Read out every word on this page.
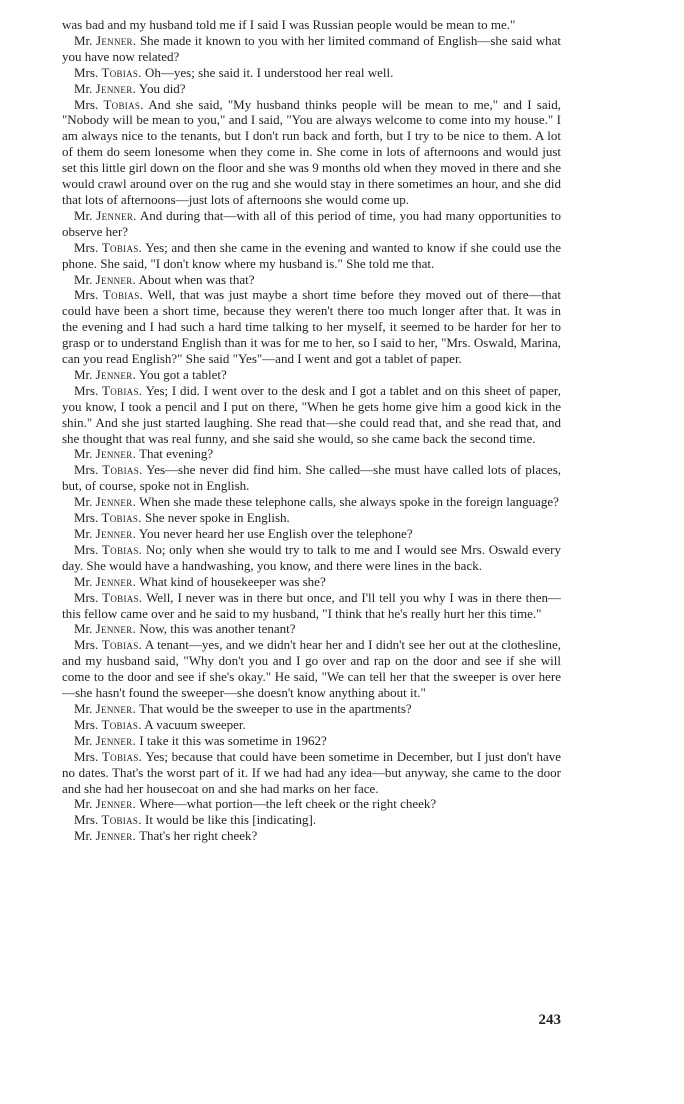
was bad and my husband told me if I said I was Russian people would be mean to me."

Mr. Jenner. She made it known to you with her limited command of English—she said what you have now related?

Mrs. Tobias. Oh—yes; she said it. I understood her real well.

Mr. Jenner. You did?

Mrs. Tobias. And she said, "My husband thinks people will be mean to me," and I said, "Nobody will be mean to you," and I said, "You are always welcome to come into my house." I am always nice to the tenants, but I don't run back and forth, but I try to be nice to them. A lot of them do seem lonesome when they come in. She come in lots of afternoons and would just set this little girl down on the floor and she was 9 months old when they moved in there and she would crawl around over on the rug and she would stay in there sometimes an hour, and she did that lots of afternoons—just lots of afternoons she would come up.

Mr. Jenner. And during that—with all of this period of time, you had many opportunities to observe her?

Mrs. Tobias. Yes; and then she came in the evening and wanted to know if she could use the phone. She said, "I don't know where my husband is." She told me that.

Mr. Jenner. About when was that?

Mrs. Tobias. Well, that was just maybe a short time before they moved out of there—that could have been a short time, because they weren't there too much longer after that. It was in the evening and I had such a hard time talking to her myself, it seemed to be harder for her to grasp or to understand English than it was for me to her, so I said to her, "Mrs. Oswald, Marina, can you read English?" She said "Yes"—and I went and got a tablet of paper.

Mr. Jenner. You got a tablet?

Mrs. Tobias. Yes; I did. I went over to the desk and I got a tablet and on this sheet of paper, you know, I took a pencil and I put on there, "When he gets home give him a good kick in the shin." And she just started laughing. She read that—she could read that, and she read that, and she thought that was real funny, and she said she would, so she came back the second time.

Mr. Jenner. That evening?

Mrs. Tobias. Yes—she never did find him. She called—she must have called lots of places, but, of course, spoke not in English.

Mr. Jenner. When she made these telephone calls, she always spoke in the foreign language?

Mrs. Tobias. She never spoke in English.

Mr. Jenner. You never heard her use English over the telephone?

Mrs. Tobias. No; only when she would try to talk to me and I would see Mrs. Oswald every day. She would have a handwashing, you know, and there were lines in the back.

Mr. Jenner. What kind of housekeeper was she?

Mrs. Tobias. Well, I never was in there but once, and I'll tell you why I was in there then—this fellow came over and he said to my husband, "I think that he's really hurt her this time."

Mr. Jenner. Now, this was another tenant?

Mrs. Tobias. A tenant—yes, and we didn't hear her and I didn't see her out at the clothesline, and my husband said, "Why don't you and I go over and rap on the door and see if she will come to the door and see if she's okay." He said, "We can tell her that the sweeper is over here—she hasn't found the sweeper—she doesn't know anything about it."

Mr. Jenner. That would be the sweeper to use in the apartments?

Mrs. Tobias. A vacuum sweeper.

Mr. Jenner. I take it this was sometime in 1962?

Mrs. Tobias. Yes; because that could have been sometime in December, but I just don't have no dates. That's the worst part of it. If we had had any idea—but anyway, she came to the door and she had her housecoat on and she had marks on her face.

Mr. Jenner. Where—what portion—the left cheek or the right cheek?

Mrs. Tobias. It would be like this [indicating].

Mr. Jenner. That's her right cheek?

243
